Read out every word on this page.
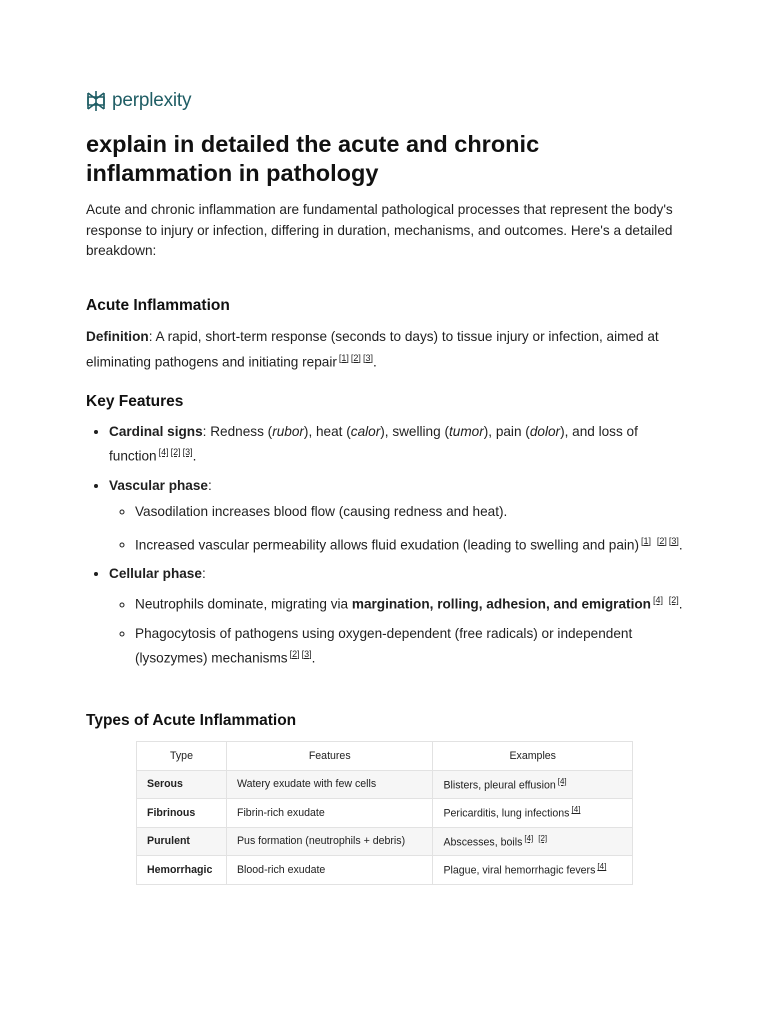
perplexity
explain in detailed the acute and chronic inflammation in pathology

Acute and chronic inflammation are fundamental pathological processes that represent the body's response to injury or infection, differing in duration, mechanisms, and outcomes. Here's a detailed breakdown:

Acute Inflammation

Definition: A rapid, short-term response (seconds to days) to tissue injury or infection, aimed at eliminating pathogens and initiating repair [1] [2] [3].

Key Features
• Cardinal signs: Redness (rubor), heat (calor), swelling (tumor), pain (dolor), and loss of function [4] [2] [3].
• Vascular phase:
◦ Vasodilation increases blood flow (causing redness and heat).
◦ Increased vascular permeability allows fluid exudation (leading to swelling and pain) [1] [2] [3].
• Cellular phase:
◦ Neutrophils dominate, migrating via margination, rolling, adhesion, and emigration [4] [2].
◦ Phagocytosis of pathogens using oxygen-dependent (free radicals) or independent (lysozymes) mechanisms [2] [3].
Types of Acute Inflammation
Type	Features	Examples
Serous	Watery exudate with few cells	Blisters, pleural effusion [4]
Fibrinous	Fibrin-rich exudate	Pericarditis, lung infections [4]
Purulent	Pus formation (neutrophils + debris)	Abscesses, boils [4] [2]
Hemorrhagic	Blood-rich exudate	Plague, viral hemorrhagic fevers [4]
